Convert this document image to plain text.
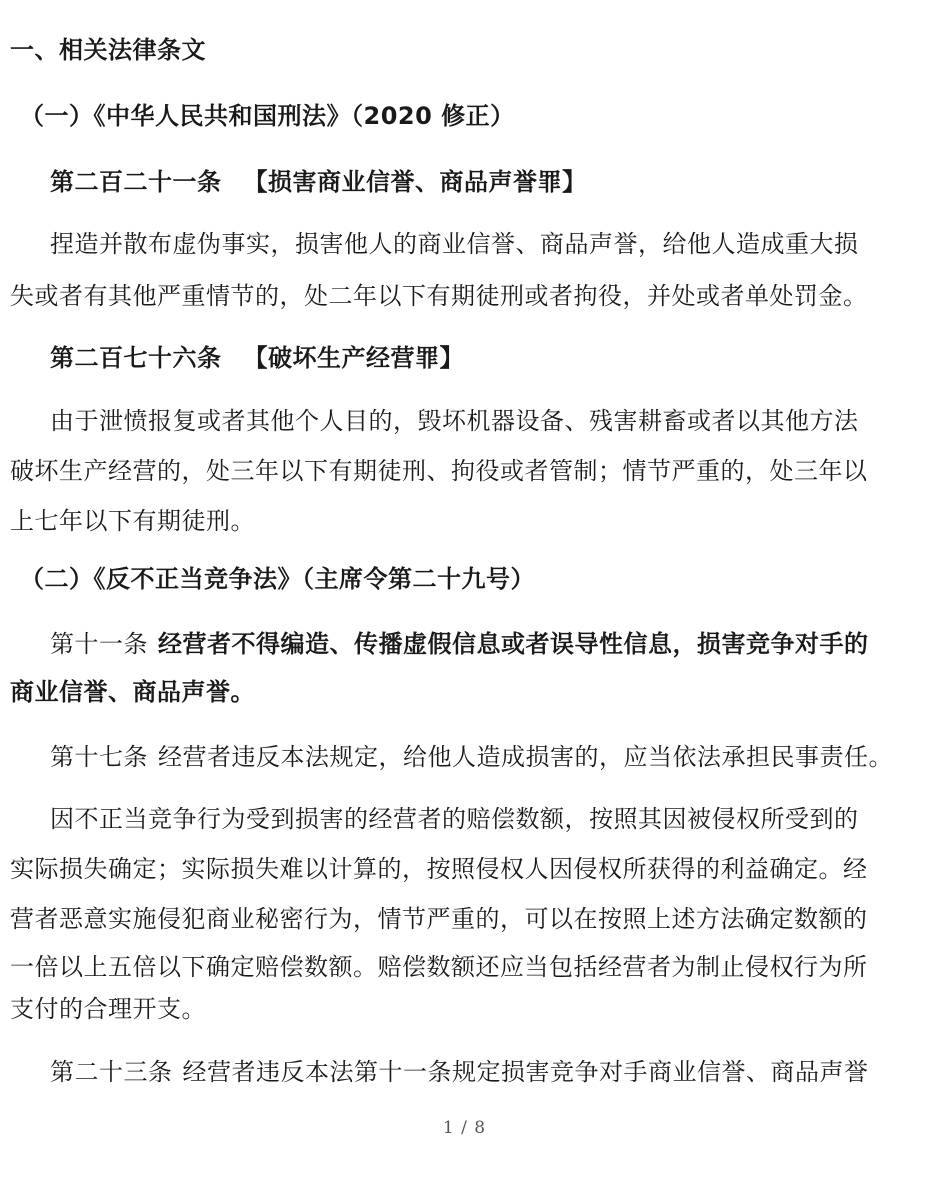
一、相关法律条文
（一）《中华人民共和国刑法》（2020 修正）
第二百二十一条 【损害商业信誉、商品声誉罪】
捏造并散布虚伪事实，损害他人的商业信誉、商品声誉，给他人造成重大损
失或者有其他严重情节的，处二年以下有期徒刑或者拘役，并处或者单处罚金。
第二百七十六条 【破坏生产经营罪】
由于泄愤报复或者其他个人目的，毁坏机器设备、残害耕畜或者以其他方法
破坏生产经营的，处三年以下有期徒刑、拘役或者管制；情节严重的，处三年以
上七年以下有期徒刑。
（二）《反不正当竞争法》（主席令第二十九号）
第十一条 经营者不得编造、传播虚假信息或者误导性信息，损害竞争对手的
商业信誉、商品声誉。
第十七条 经营者违反本法规定，给他人造成损害的，应当依法承担民事责任。
因不正当竞争行为受到损害的经营者的赔偿数额，按照其因被侵权所受到的
实际损失确定；实际损失难以计算的，按照侵权人因侵权所获得的利益确定。经
营者恶意实施侵犯商业秘密行为，情节严重的，可以在按照上述方法确定数额的
一倍以上五倍以下确定赔偿数额。赔偿数额还应当包括经营者为制止侵权行为所
支付的合理开支。
第二十三条 经营者违反本法第十一条规定损害竞争对手商业信誉、商品声誉
1 / 8
